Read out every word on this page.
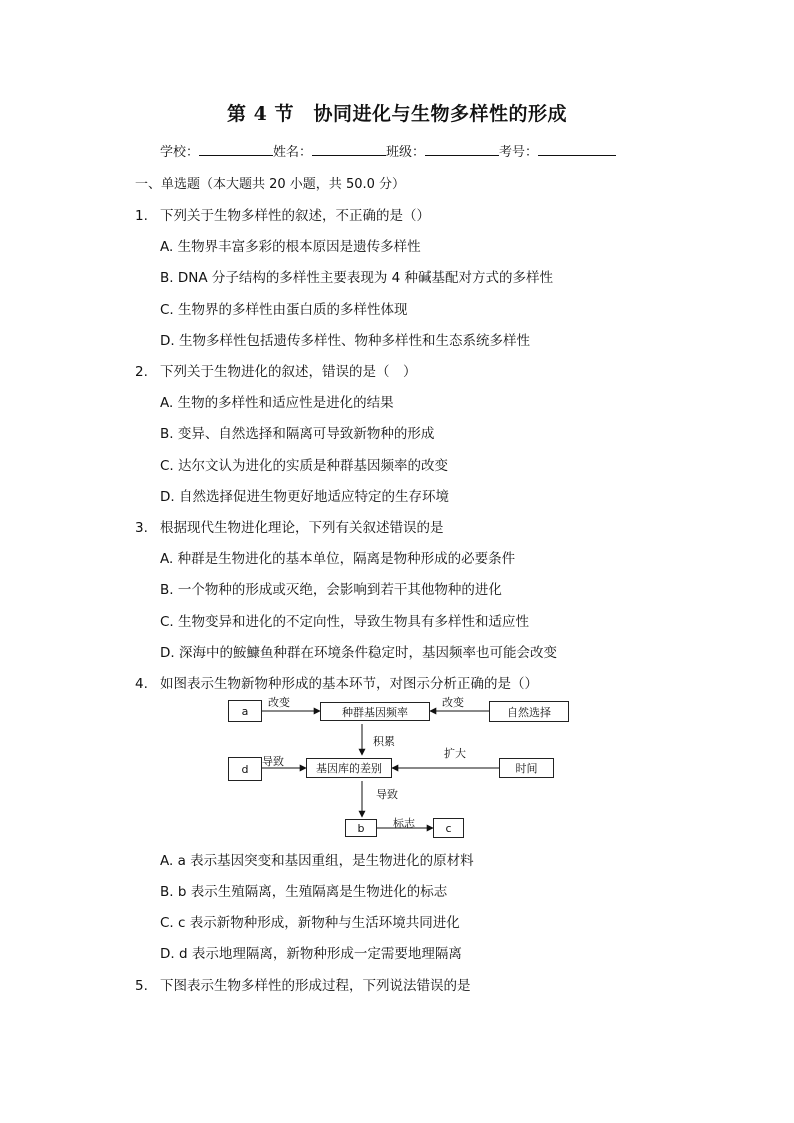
第 4 节　协同进化与生物多样性的形成
学校：	姓名：	班级：	考号：
一、单选题（本大题共 20 小题，共 50.0 分）
1. 下列关于生物多样性的叙述，不正确的是（）
A. 生物界丰富多彩的根本原因是遗传多样性
B. DNA 分子结构的多样性主要表现为 4 种碱基配对方式的多样性
C. 生物界的多样性由蛋白质的多样性体现
D. 生物多样性包括遗传多样性、物种多样性和生态系统多样性
2. 下列关于生物进化的叙述，错误的是（　）
A. 生物的多样性和适应性是进化的结果
B. 变异、自然选择和隔离可导致新物种的形成
C. 达尔文认为进化的实质是种群基因频率的改变
D. 自然选择促进生物更好地适应特定的生存环境
3. 根据现代生物进化理论，下列有关叙述错误的是
A. 种群是生物进化的基本单位，隔离是物种形成的必要条件
B. 一个物种的形成或灭绝，会影响到若干其他物种的进化
C. 生物变异和进化的不定向性，导致生物具有多样性和适应性
D. 深海中的鮟鱇鱼种群在环境条件稳定时，基因频率也可能会改变
4. 如图表示生物新物种形成的基本环节，对图示分析正确的是（）
a	种群基因频率	自然选择
d	基因库的差别	时间
b	c
改变	改变
积累
导致
扩大
导致
标志
A. a 表示基因突变和基因重组，是生物进化的原材料
B. b 表示生殖隔离，生殖隔离是生物进化的标志
C. c 表示新物种形成，新物种与生活环境共同进化
D. d 表示地理隔离，新物种形成一定需要地理隔离
5. 下图表示生物多样性的形成过程，下列说法错误的是
